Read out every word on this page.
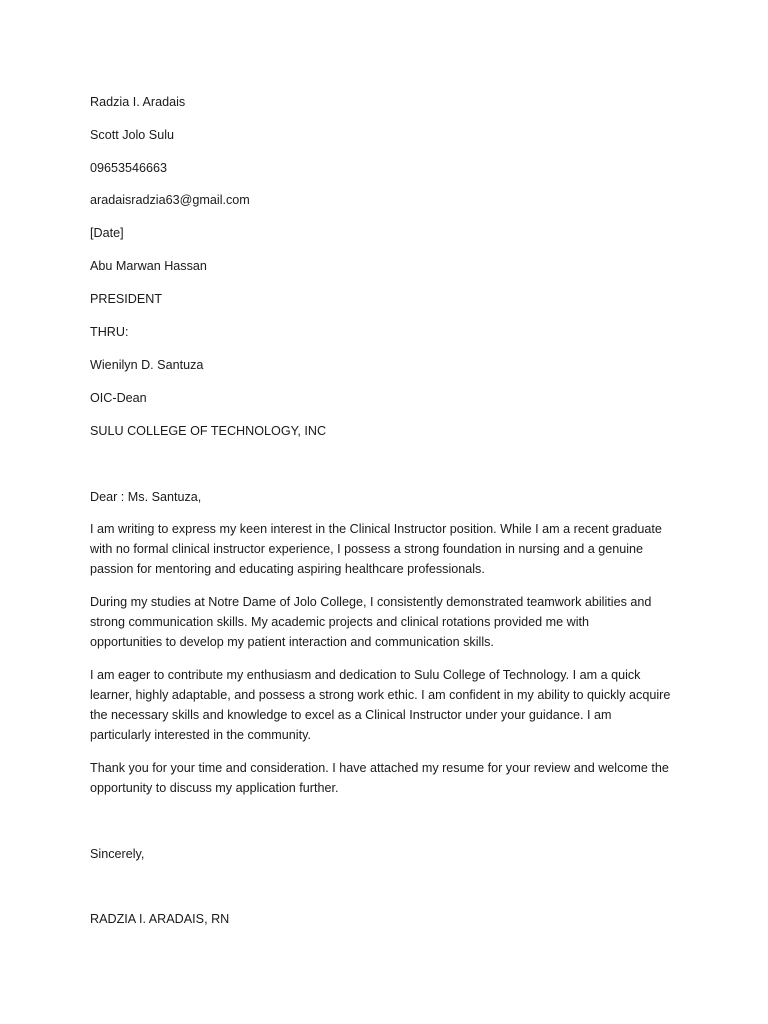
Radzia I. Aradais
Scott Jolo Sulu
09653546663
aradaisradzia63@gmail.com
[Date]
Abu Marwan Hassan
PRESIDENT
THRU:
Wienilyn D. Santuza
OIC-Dean
SULU COLLEGE OF TECHNOLOGY, INC
Dear : Ms. Santuza,
I am writing to express my keen interest in the Clinical Instructor position. While I am a recent graduate
with no formal clinical instructor experience, I possess a strong foundation in nursing and a genuine
passion for mentoring and educating aspiring healthcare professionals.
During my studies at Notre Dame of Jolo College, I consistently demonstrated teamwork abilities and
strong communication skills. My academic projects and clinical rotations provided me with
opportunities to develop my patient interaction and communication skills.
I am eager to contribute my enthusiasm and dedication to Sulu College of Technology. I am a quick
learner, highly adaptable, and possess a strong work ethic. I am confident in my ability to quickly acquire
the necessary skills and knowledge to excel as a Clinical Instructor under your guidance. I am
particularly interested in the community.
Thank you for your time and consideration. I have attached my resume for your review and welcome the
opportunity to discuss my application further.
Sincerely,
RADZIA I. ARADAIS, RN
